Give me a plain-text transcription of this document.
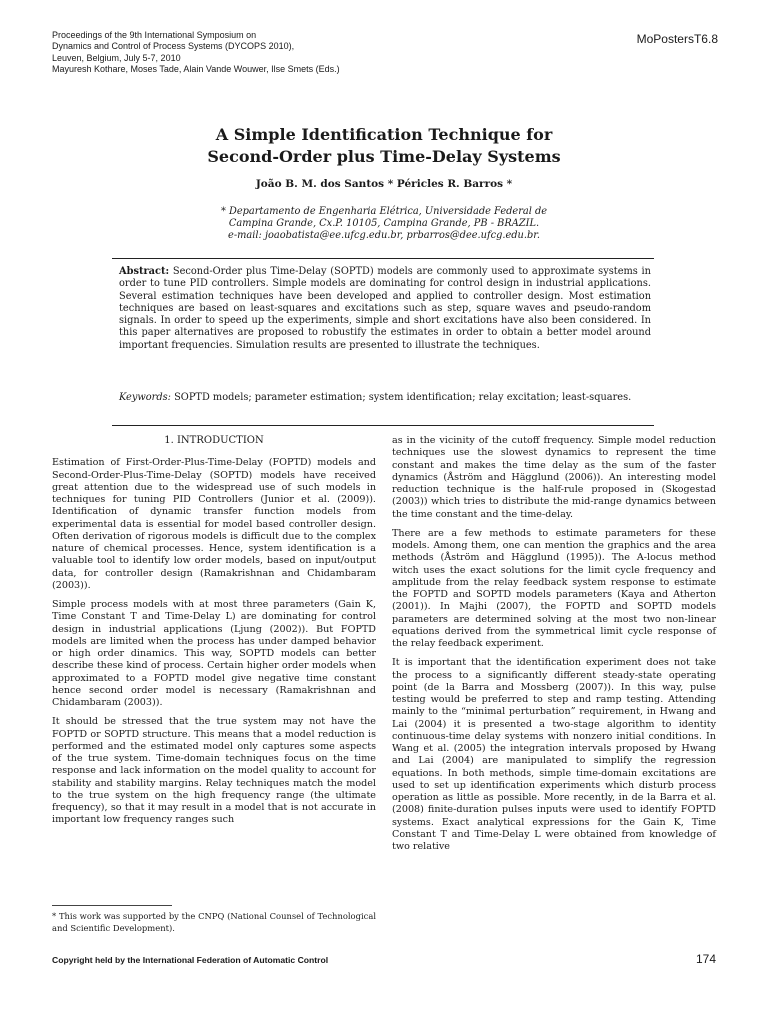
Proceedings of the 9th International Symposium on
Dynamics and Control of Process Systems (DYCOPS 2010),
Leuven, Belgium, July 5-7, 2010
Mayuresh Kothare, Moses Tade, Alain Vande Wouwer, Ilse Smets (Eds.)
MoPostersT6.8
A Simple Identification Technique for
Second-Order plus Time-Delay Systems
João B. M. dos Santos * Péricles R. Barros *
* Departamento de Engenharia Elétrica, Universidade Federal de
Campina Grande, Cx.P. 10105, Campina Grande, PB - BRAZIL.
e-mail: joaobatista@ee.ufcg.edu.br, prbarros@dee.ufcg.edu.br.
Abstract: Second-Order plus Time-Delay (SOPTD) models are commonly used to approximate systems in order to tune PID controllers. Simple models are dominating for control design in industrial applications. Several estimation techniques have been developed and applied to controller design. Most estimation techniques are based on least-squares and excitations such as step, square waves and pseudo-random signals. In order to speed up the experiments, simple and short excitations have also been considered. In this paper alternatives are proposed to robustify the estimates in order to obtain a better model around important frequencies. Simulation results are presented to illustrate the techniques.
Keywords: SOPTD models; parameter estimation; system identification; relay excitation; least-squares.
1. INTRODUCTION

Estimation of First-Order-Plus-Time-Delay (FOPTD) models and Second-Order-Plus-Time-Delay (SOPTD) models have received great attention due to the widespread use of such models in techniques for tuning PID Controllers (Junior et al. (2009)). Identification of dynamic transfer function models from experimental data is essential for model based controller design. Often derivation of rigorous models is difficult due to the complex nature of chemical processes. Hence, system identification is a valuable tool to identify low order models, based on input/output data, for controller design (Ramakrishnan and Chidambaram (2003)).

Simple process models with at most three parameters (Gain K, Time Constant T and Time-Delay L) are dominating for control design in industrial applications (Ljung (2002)). But FOPTD models are limited when the process has under damped behavior or high order dinamics. This way, SOPTD models can better describe these kind of process. Certain higher order models when approximated to a FOPTD model give negative time constant hence second order model is necessary (Ramakrishnan and Chidambaram (2003)).

It should be stressed that the true system may not have the FOPTD or SOPTD structure. This means that a model reduction is performed and the estimated model only captures some aspects of the true system. Time-domain techniques focus on the time response and lack information on the model quality to account for stability and stability margins. Relay techniques match the model to the true system on the high frequency range (the ultimate frequency), so that it may result in a model that is not accurate in important low frequency ranges such

as in the vicinity of the cutoff frequency. Simple model reduction techniques use the slowest dynamics to represent the time constant and makes the time delay as the sum of the faster dynamics (Åström and Hägglund (2006)). An interesting model reduction technique is the half-rule proposed in (Skogestad (2003)) which tries to distribute the mid-range dynamics between the time constant and the time-delay.

There are a few methods to estimate parameters for these models. Among them, one can mention the graphics and the area methods (Åström and Hägglund (1995)). The A-locus method witch uses the exact solutions for the limit cycle frequency and amplitude from the relay feedback system response to estimate the FOPTD and SOPTD models parameters (Kaya and Atherton (2001)). In Majhi (2007), the FOPTD and SOPTD models parameters are determined solving at the most two non-linear equations derived from the symmetrical limit cycle response of the relay feedback experiment.

It is important that the identification experiment does not take the process to a significantly different steady-state operating point (de la Barra and Mossberg (2007)). In this way, pulse testing would be preferred to step and ramp testing. Attending mainly to the “minimal perturbation” requirement, in Hwang and Lai (2004) it is presented a two-stage algorithm to identity continuous-time delay systems with nonzero initial conditions. In Wang et al. (2005) the integration intervals proposed by Hwang and Lai (2004) are manipulated to simplify the regression equations. In both methods, simple time-domain excitations are used to set up identification experiments which disturb process operation as little as possible. More recently, in de la Barra et al. (2008) finite-duration pulses inputs were used to identify FOPTD systems. Exact analytical expressions for the Gain K, Time Constant T and Time-Delay L were obtained from knowledge of two relative

* This work was supported by the CNPQ (National Counsel of Technological and Scientific Development).
Copyright held by the International Federation of Automatic Control	174
